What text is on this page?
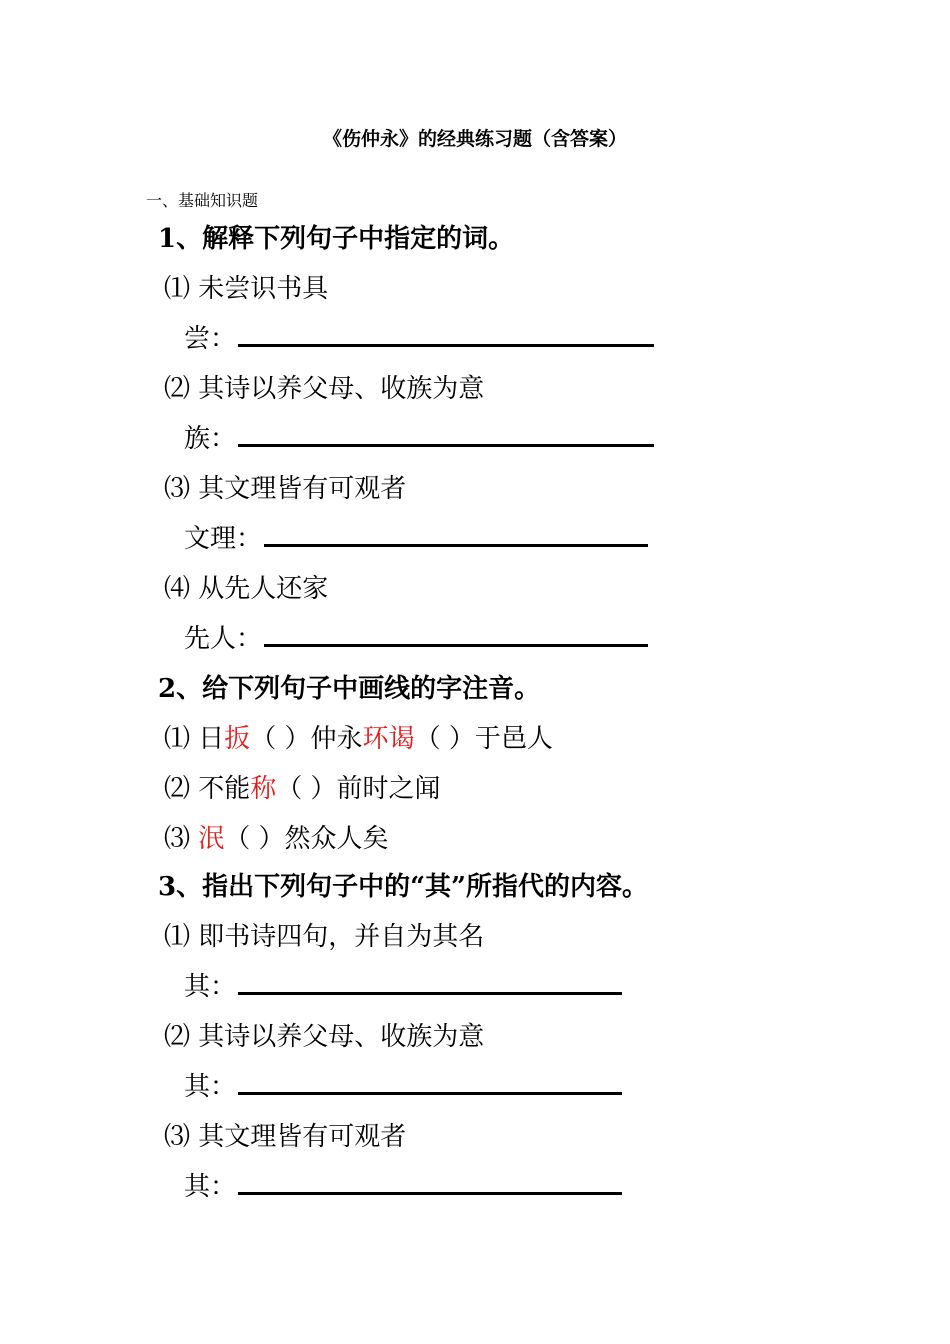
《伤仲永》的经典练习题（含答案）
一、基础知识题
1、解释下列句子中指定的词。
⑴ 未尝识书具
尝：
⑵ 其诗以养父母、收族为意
族：
⑶ 其文理皆有可观者
文理：
⑷ 从先人还家
先人：
2、给下列句子中画线的字注音。
⑴ 日扳（ ）仲永环谒（ ）于邑人
⑵ 不能称（ ）前时之闻
⑶ 泯（ ）然众人矣
3、指出下列句子中的“其”所指代的内容。
⑴ 即书诗四句，并自为其名
其：
⑵ 其诗以养父母、收族为意
其：
⑶ 其文理皆有可观者
其：
